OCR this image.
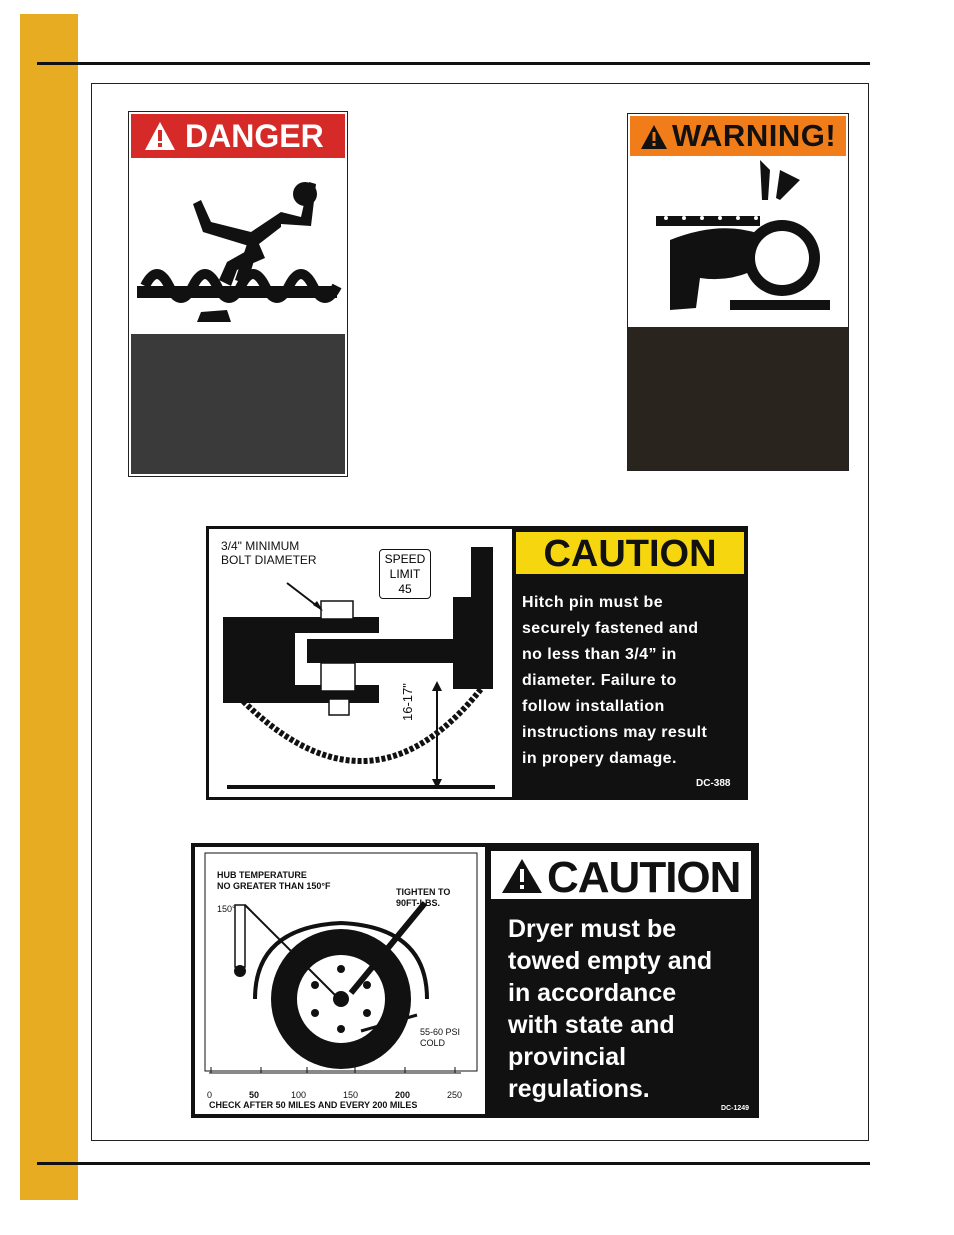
DANGER	WARNING!
3/4" MINIMUM
BOLT DIAMETER	SPEED
LIMIT
45
16-17"
CAUTION
Hitch pin must be
securely fastened and
no less than 3/4” in
diameter. Failure to
follow installation
instructions may result
in propery damage.
DC-388
HUB TEMPERATURE
NO GREATER THAN 150°F
150°
TIGHTEN TO
90FT-LBS.
55-60 PSI
COLD
0	50	100	150	200	250
CHECK AFTER 50 MILES AND EVERY 200 MILES
CAUTION
Dryer must be
towed empty and
in accordance
with state and
provincial
regulations.
DC-1249
